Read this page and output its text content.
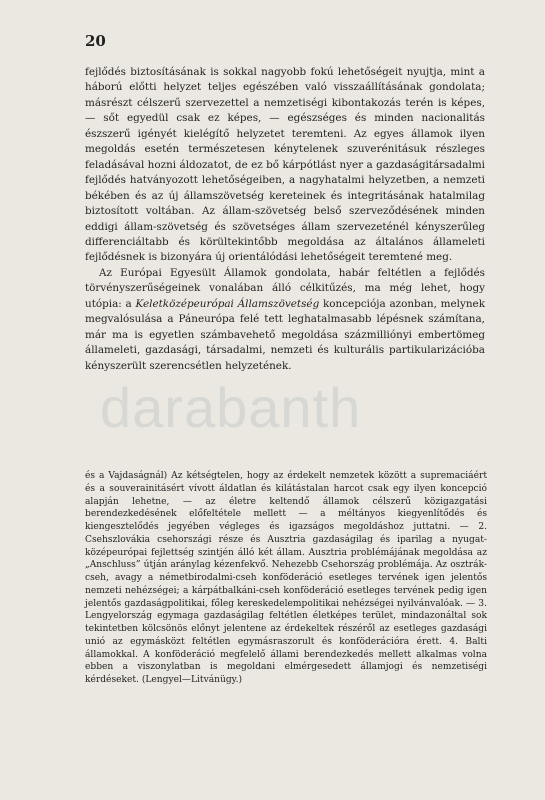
20

fejlődés biztosításának is sokkal nagyobb fokú lehetőségeit nyujtja, mint a háború előtti helyzet teljes egészében való visszaállításának gondolata; másrészt célszerű szervezettel a nemzetiségi kibontakozás terén is képes, — sőt egyedül csak ez képes, — egészséges és minden nacionalitás észszerű igényét kielégítő helyzetet teremteni. Az egyes államok ilyen megoldás esetén természetesen kénytelenek szuverénitásuk részleges feladásával hozni áldozatot, de ez bő kárpótlást nyer a gazdaságitársadalmi fejlődés hatványozott lehetőségeiben, a nagyhatalmi helyzetben, a nemzeti békében és az új államszövetség kereteinek és integritásának hatalmilag biztosított voltában. Az állam-szövetség belső szerveződésének minden eddigi állam-szövetség és szövetséges állam szervezeténél kényszerűleg differenciáltabb és körültekintőbb megoldása az általános állameleti fejlődésnek is bizonyára új orientálódási lehetőségeit teremtené meg.

Az Európai Egyesült Államok gondolata, habár feltétlen a fejlődés törvényszerűségeinek vonalában álló célkitűzés, ma még lehet, hogy utópia: a Keletközépeurópai Államszövetség koncepciója azonban, melynek megvalósulása a Páneurópa felé tett leghatalmasabb lépésnek számítana, már ma is egyetlen számbavehető megoldása százmilliónyi embertömeg állameleti, gazdasági, társadalmi, nemzeti és kulturális partikularizációba kényszerült szerencsétlen helyzetének.

darabanth

és a Vajdaságnál) Az kétségtelen, hogy az érdekelt nemzetek között a supremaciáért és a souverainitásért vívott áldatlan és kilátástalan harcot csak egy ilyen koncepció alapján lehetne, — az életre keltendő államok célszerű közigazgatási berendezkedésének előfeltétele mellett — a méltányos kiegyenlítődés és kiengesztelődés jegyében végleges és igazságos megoldáshoz juttatni. — 2. Csehszlovákia csehországi része és Ausztria gazdaságilag és iparilag a nyugat-középeurópai fejlettség szintjén álló két állam. Ausztria problémájának megoldása az „Anschluss” útján aránylag kézenfekvő. Nehezebb Csehország problémája. Az osztrák-cseh, avagy a németbirodalmi-cseh konföderáció esetleges tervének igen jelentős nemzeti nehézségei; a kárpátbalkáni-cseh konföderáció esetleges tervének pedig igen jelentős gazdaságpolitikai, főleg kereskedelempolitikai nehézségei nyilvánvalóak. — 3. Lengyelország egymaga gazdaságilag feltétlen életképes terület, mindazonáltal sok tekintetben kölcsönös előnyt jelentene az érdekeltek részéről az esetleges gazdasági unió az egymásközt feltétlen egymásraszorult és konföderációra érett. 4. Balti államokkal. A konföderáció megfelelő állami berendezkedés mellett alkalmas volna ebben a viszonylatban is megoldani elmérgesedett államjogi és nemzetiségi kérdéseket. (Lengyel—Litvánügy.)
